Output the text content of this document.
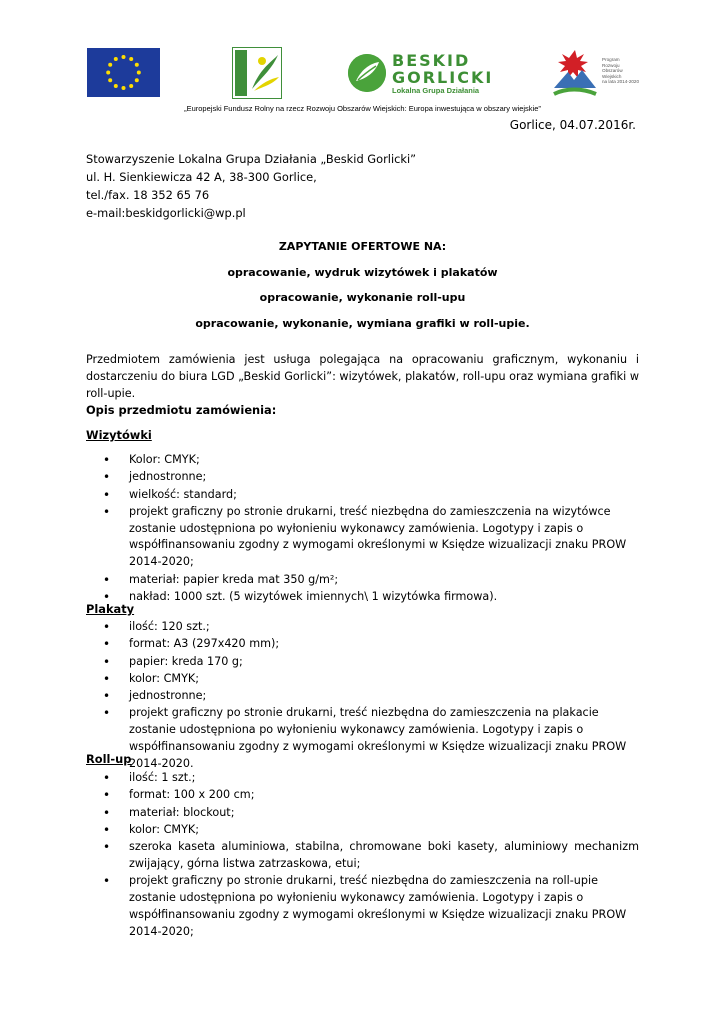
BESKID
GORLICKI
Lokalna Grupa Działania
Program
Rozwoju
Obszarów
Wiejskich
na lata 2014-2020
„Europejski Fundusz Rolny na rzecz Rozwoju Obszarów Wiejskich: Europa inwestująca w obszary wiejskie”
Gorlice, 04.07.2016r.
Stowarzyszenie Lokalna Grupa Działania „Beskid Gorlicki”
ul. H. Sienkiewicza 42 A, 38-300 Gorlice,
tel./fax. 18 352 65 76
e-mail:beskidgorlicki@wp.pl
ZAPYTANIE OFERTOWE NA:
opracowanie, wydruk wizytówek i plakatów
opracowanie, wykonanie roll-upu
opracowanie, wykonanie, wymiana grafiki w roll-upie.

Przedmiotem zamówienia jest usługa polegająca na opracowaniu graficznym, wykonaniu i dostarczeniu do biura LGD „Beskid Gorlicki”: wizytówek, plakatów, roll-upu oraz wymiana grafiki w roll-upie.

Opis przedmiotu zamówienia:
Wizytówki
• Kolor: CMYK;
• jednostronne;
• wielkość: standard;
• projekt graficzny po stronie drukarni, treść niezbędna do zamieszczenia na wizytówce zostanie udostępniona po wyłonieniu wykonawcy zamówienia. Logotypy i zapis o współfinansowaniu zgodny z wymogami określonymi w Księdze wizualizacji znaku PROW 2014-2020;
• materiał: papier kreda mat 350 g/m²;
• nakład: 1000 szt. (5 wizytówek imiennych\ 1 wizytówka firmowa).
Plakaty
• ilość: 120 szt.;
• format: A3 (297x420 mm);
• papier: kreda 170 g;
• kolor: CMYK;
• jednostronne;
• projekt graficzny po stronie drukarni, treść niezbędna do zamieszczenia na plakacie zostanie udostępniona po wyłonieniu wykonawcy zamówienia. Logotypy i zapis o współfinansowaniu zgodny z wymogami określonymi w Księdze wizualizacji znaku PROW 2014-2020.
Roll-up
• ilość: 1 szt.;
• format: 100 x 200 cm;
• materiał: blockout;
• kolor: CMYK;
• szeroka kaseta aluminiowa, stabilna, chromowane boki kasety, aluminiowy mechanizm zwijający, górna listwa zatrzaskowa, etui;
• projekt graficzny po stronie drukarni, treść niezbędna do zamieszczenia na roll-upie zostanie udostępniona po wyłonieniu wykonawcy zamówienia. Logotypy i zapis o współfinansowaniu zgodny z wymogami określonymi w Księdze wizualizacji znaku PROW 2014-2020;
